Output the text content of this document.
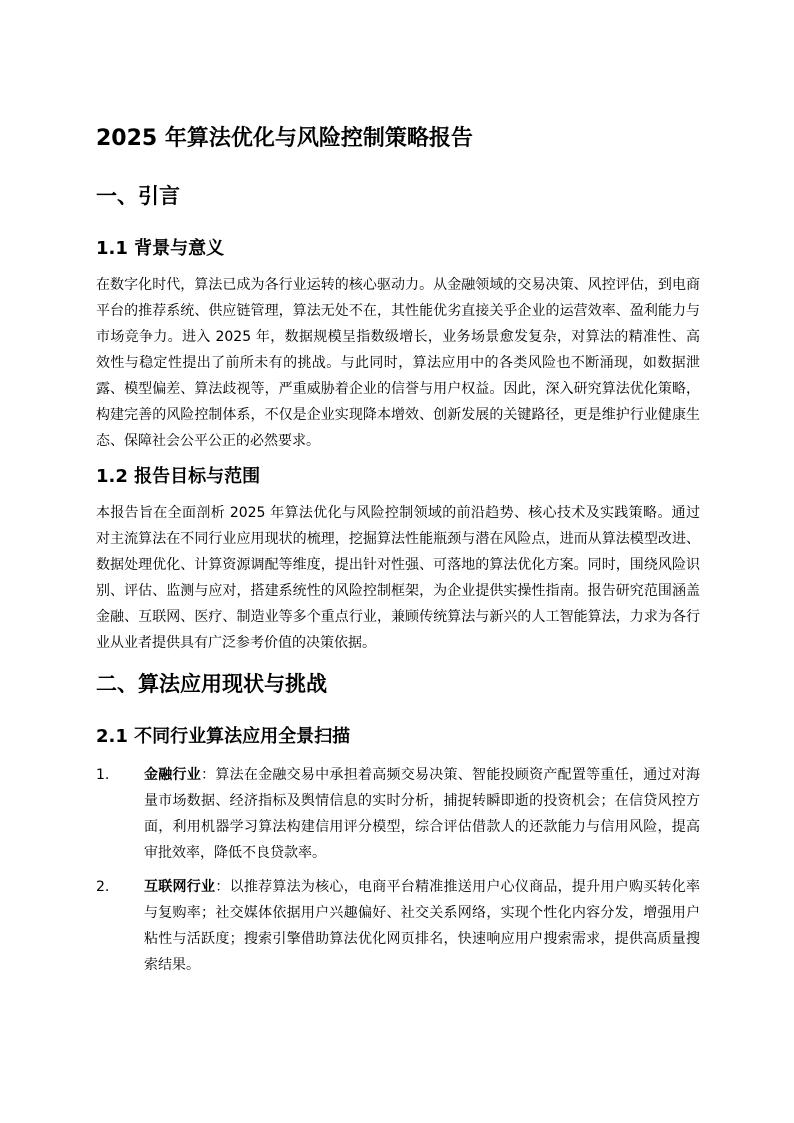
2025 年算法优化与风险控制策略报告
一、引言
1.1 背景与意义

在数字化时代，算法已成为各行业运转的核心驱动力。从金融领域的交易决策、风控评估，到电商平台的推荐系统、供应链管理，算法无处不在，其性能优劣直接关乎企业的运营效率、盈利能力与市场竞争力。进入 2025 年，数据规模呈指数级增长，业务场景愈发复杂，对算法的精准性、高效性与稳定性提出了前所未有的挑战。与此同时，算法应用中的各类风险也不断涌现，如数据泄露、模型偏差、算法歧视等，严重威胁着企业的信誉与用户权益。因此，深入研究算法优化策略，构建完善的风险控制体系，不仅是企业实现降本增效、创新发展的关键路径，更是维护行业健康生态、保障社会公平公正的必然要求。

1.2 报告目标与范围

本报告旨在全面剖析 2025 年算法优化与风险控制领域的前沿趋势、核心技术及实践策略。通过对主流算法在不同行业应用现状的梳理，挖掘算法性能瓶颈与潜在风险点，进而从算法模型改进、数据处理优化、计算资源调配等维度，提出针对性强、可落地的算法优化方案。同时，围绕风险识别、评估、监测与应对，搭建系统性的风险控制框架，为企业提供实操性指南。报告研究范围涵盖金融、互联网、医疗、制造业等多个重点行业，兼顾传统算法与新兴的人工智能算法，力求为各行业从业者提供具有广泛参考价值的决策依据。

二、算法应用现状与挑战
2.1 不同行业算法应用全景扫描
1. 金融行业：算法在金融交易中承担着高频交易决策、智能投顾资产配置等重任，通过对海量市场数据、经济指标及舆情信息的实时分析，捕捉转瞬即逝的投资机会；在信贷风控方面，利用机器学习算法构建信用评分模型，综合评估借款人的还款能力与信用风险，提高审批效率，降低不良贷款率。
2. 互联网行业：以推荐算法为核心，电商平台精准推送用户心仪商品，提升用户购买转化率与复购率；社交媒体依据用户兴趣偏好、社交关系网络，实现个性化内容分发，增强用户粘性与活跃度；搜索引擎借助算法优化网页排名，快速响应用户搜索需求，提供高质量搜索结果。
